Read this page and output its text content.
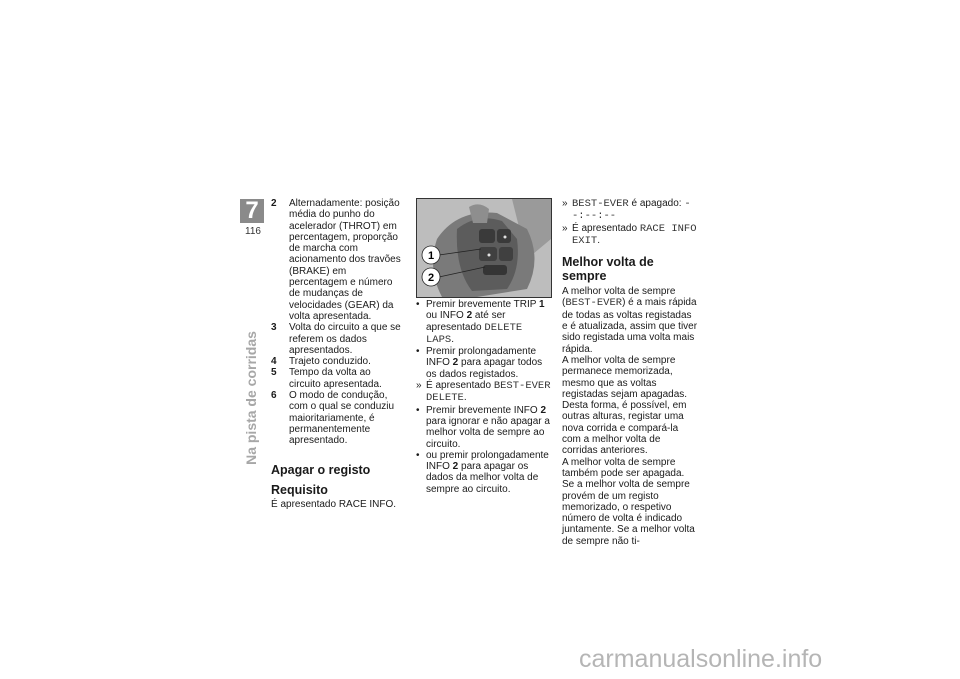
7
116
Na pista de corridas
2	Alternadamente: posição média do punho do acelerador (THROT) em percentagem, proporção de marcha com acionamento dos travões (BRAKE) em percentagem e número de mudanças de velocidades (GEAR) da volta apresentada.
3	Volta do circuito a que se referem os dados apresentados.
4	Trajeto conduzido.
5	Tempo da volta ao circuito apresentada.
6	O modo de condução, com o qual se conduziu maioritariamente, é permanentemente apresentado.
Apagar o registo
Requisito

É apresentado RACE INFO.

1
2
• Premir brevemente TRIP 1 ou INFO 2 até ser apresentado DELETE LAPS.
• Premir prolongadamente INFO 2 para apagar todos os dados registados.
» É apresentado BEST-EVER DELETE.
• Premir brevemente INFO 2 para ignorar e não apagar a melhor volta de sempre ao circuito.
• ou premir prolongadamente INFO 2 para apagar os dados da melhor volta de sempre ao circuito.
» BEST-EVER é apagado: --:--:--
» É apresentado RACE INFO EXIT.
Melhor volta de sempre

A melhor volta de sempre (BEST-EVER) é a mais rápida de todas as voltas registadas e é atualizada, assim que tiver sido registada uma volta mais rápida.

A melhor volta de sempre permanece memorizada, mesmo que as voltas registadas sejam apagadas. Desta forma, é possível, em outras alturas, registar uma nova corrida e compará-la com a melhor volta de corridas anteriores.

A melhor volta de sempre também pode ser apagada.

Se a melhor volta de sempre provém de um registo memorizado, o respetivo número de volta é indicado juntamente. Se a melhor volta de sempre não ti-

carmanualsonline.info
